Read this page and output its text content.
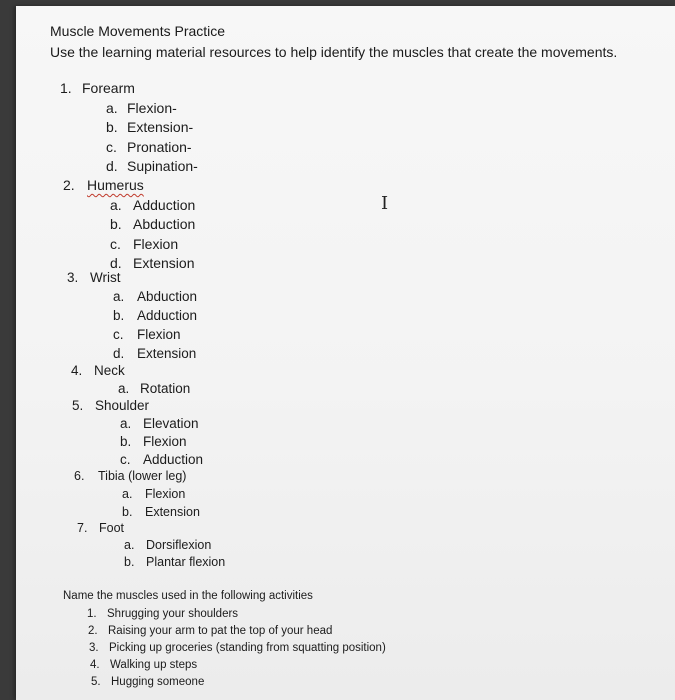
Muscle Movements Practice
Use the learning material resources to help identify the muscles that create the movements.
1. Forearm
a. Flexion-
b. Extension-
c. Pronation-
d. Supination-
2. Humerus
a. Adduction
b. Abduction
c. Flexion
d. Extension
3. Wrist
a. Abduction
b. Adduction
c. Flexion
d. Extension
4. Neck
a. Rotation
5. Shoulder
a. Elevation
b. Flexion
c. Adduction
6. Tibia (lower leg)
a. Flexion
b. Extension
7. Foot
a. Dorsiflexion
b. Plantar flexion
Name the muscles used in the following activities
1. Shrugging your shoulders
2. Raising your arm to pat the top of your head
3. Picking up groceries (standing from squatting position)
4. Walking up steps
5. Hugging someone
I
